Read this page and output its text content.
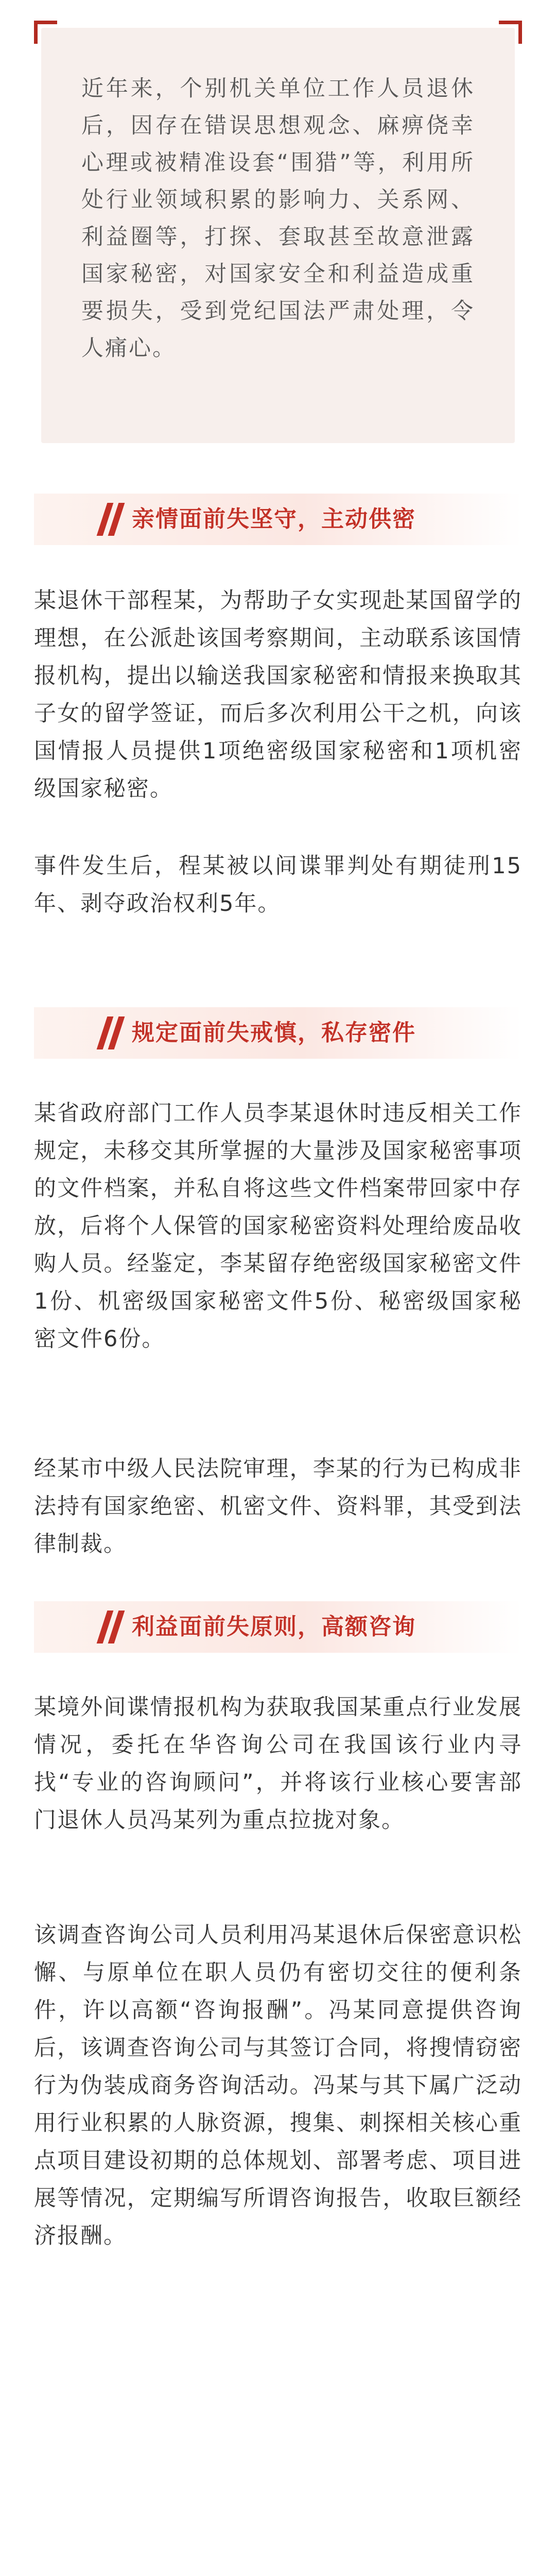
近年来，个别机关单位工作人员退休后，因存在错误思想观念、麻痹侥幸心理或被精准设套“围猎”等，利用所处行业领域积累的影响力、关系网、利益圈等，打探、套取甚至故意泄露国家秘密，对国家安全和利益造成重要损失，受到党纪国法严肃处理，令人痛心。

亲情面前失坚守，主动供密

某退休干部程某，为帮助子女实现赴某国留学的理想，在公派赴该国考察期间，主动联系该国情报机构，提出以输送我国家秘密和情报来换取其子女的留学签证，而后多次利用公干之机，向该国情报人员提供1项绝密级国家秘密和1项机密级国家秘密。

事件发生后，程某被以间谍罪判处有期徒刑15年、剥夺政治权利5年。

规定面前失戒慎，私存密件

某省政府部门工作人员李某退休时违反相关工作规定，未移交其所掌握的大量涉及国家秘密事项的文件档案，并私自将这些文件档案带回家中存放，后将个人保管的国家秘密资料处理给废品收购人员。经鉴定，李某留存绝密级国家秘密文件1份、机密级国家秘密文件5份、秘密级国家秘密文件6份。

经某市中级人民法院审理，李某的行为已构成非法持有国家绝密、机密文件、资料罪，其受到法律制裁。

利益面前失原则，高额咨询

某境外间谍情报机构为获取我国某重点行业发展情况，委托在华咨询公司在我国该行业内寻找“专业的咨询顾问”，并将该行业核心要害部门退休人员冯某列为重点拉拢对象。

该调查咨询公司人员利用冯某退休后保密意识松懈、与原单位在职人员仍有密切交往的便利条件，许以高额“咨询报酬”。冯某同意提供咨询后，该调查咨询公司与其签订合同，将搜情窃密行为伪装成商务咨询活动。冯某与其下属广泛动用行业积累的人脉资源，搜集、刺探相关核心重点项目建设初期的总体规划、部署考虑、项目进展等情况，定期编写所谓咨询报告，收取巨额经济报酬。
